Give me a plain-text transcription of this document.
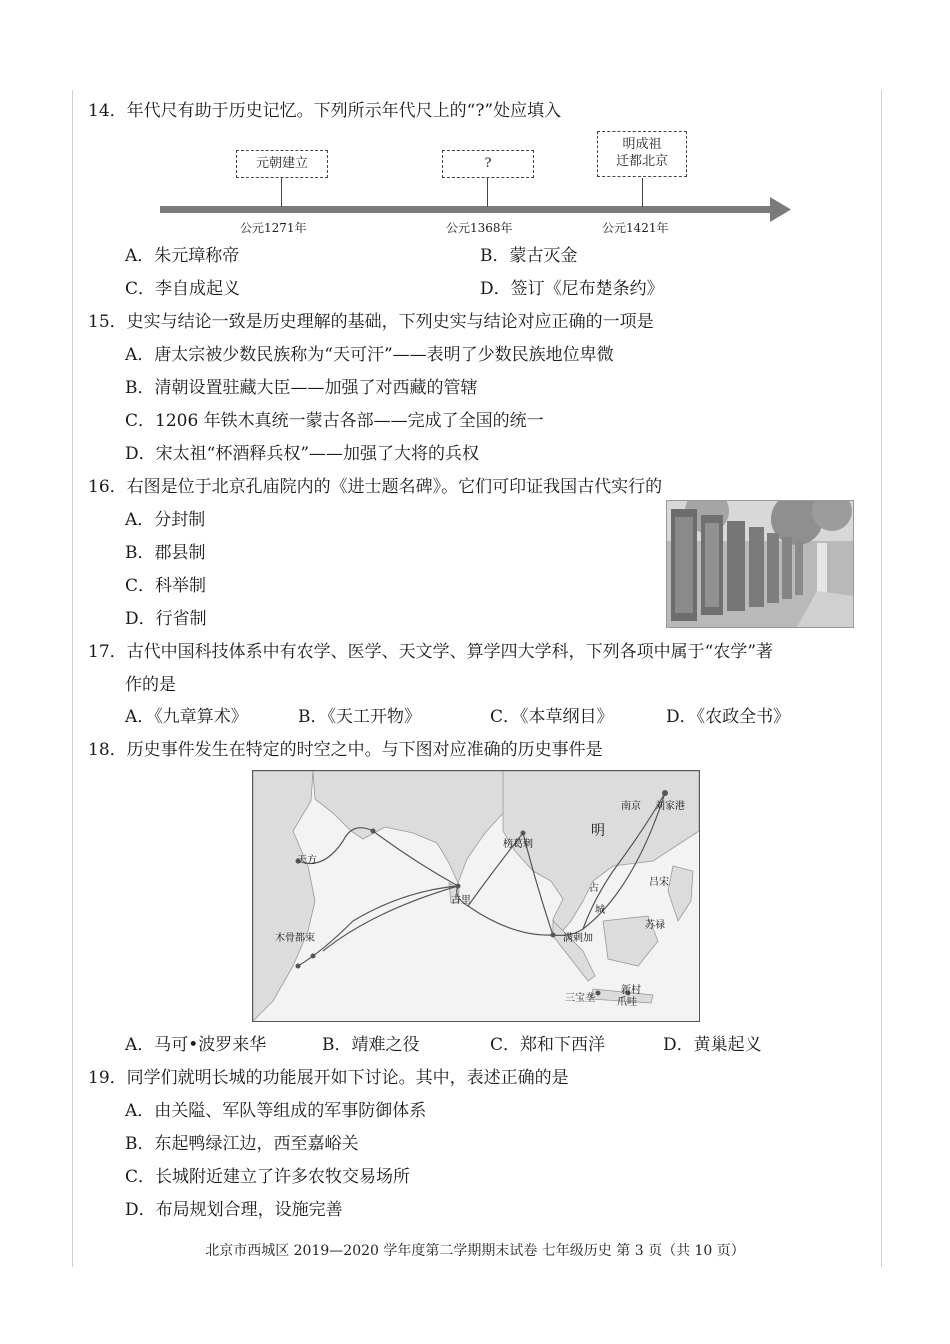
14．年代尺有助于历史记忆。下列所示年代尺上的“?”处应填入
元朝建立	?
明成祖
迁都北京
公元1271年	公元1368年	公元1421年
A．朱元璋称帝	B．蒙古灭金
C．李自成起义	D．签订《尼布楚条约》
15．史实与结论一致是历史理解的基础，下列史实与结论对应正确的一项是
A．唐太宗被少数民族称为“天可汗”——表明了少数民族地位卑微
B．清朝设置驻藏大臣——加强了对西藏的管辖
C．1206 年铁木真统一蒙古各部——完成了全国的统一
D．宋太祖“杯酒释兵权”——加强了大将的兵权
16．右图是位于北京孔庙院内的《进士题名碑》。它们可印证我国古代实行的
A．分封制
B．郡县制
C．科举制
D．行省制
17．古代中国科技体系中有农学、医学、天文学、算学四大学科，下列各项中属于“农学”著
作的是
A．《九章算术》	B．《天工开物》	C．《本草纲目》	D．《农政全书》
18．历史事件发生在特定的时空之中。与下图对应准确的历史事件是
南京 刘家港
明
榜葛剌
天方
古里
木骨都束	满剌加
占
城
吕宋
苏禄
三宝垄
新村
爪哇
A．马可•波罗来华	B．靖难之役	C．郑和下西洋	D．黄巢起义
19．同学们就明长城的功能展开如下讨论。其中，表述正确的是
A．由关隘、军队等组成的军事防御体系
B．东起鸭绿江边，西至嘉峪关
C．长城附近建立了许多农牧交易场所
D．布局规划合理，设施完善
北京市西城区 2019—2020 学年度第二学期期末试卷 七年级历史 第 3 页（共 10 页）
